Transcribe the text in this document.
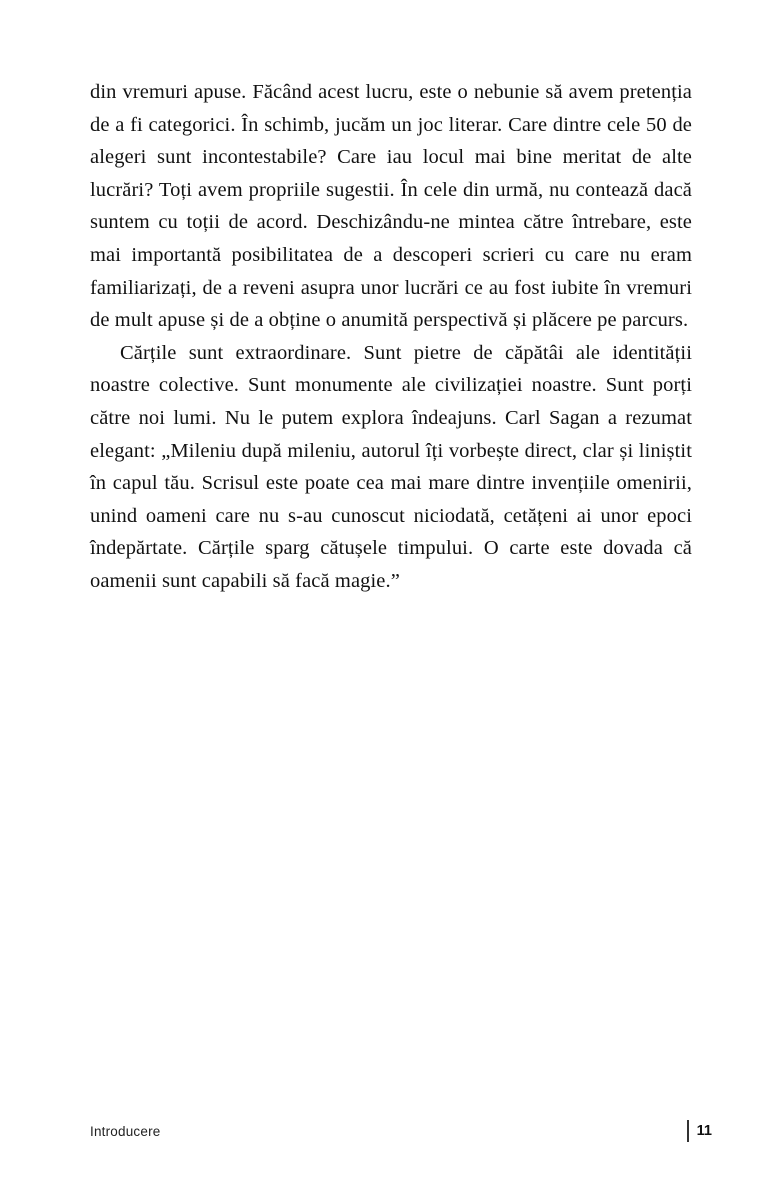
din vremuri apuse. Făcând acest lucru, este o nebunie să avem pretenția de a fi categorici. În schimb, jucăm un joc literar. Care dintre cele 50 de alegeri sunt incontestabile? Care iau locul mai bine meritat de alte lucrări? Toți avem propriile sugestii. În cele din urmă, nu contează dacă suntem cu toții de acord. Deschizându-ne mintea către întrebare, este mai importantă posibilitatea de a descoperi scrieri cu care nu eram familiarizați, de a reveni asupra unor lucrări ce au fost iubite în vremuri de mult apuse și de a obține o anumită perspectivă și plăcere pe parcurs.

Cărțile sunt extraordinare. Sunt pietre de căpătâi ale identității noastre colective. Sunt monumente ale civilizației noastre. Sunt porți către noi lumi. Nu le putem explora îndeajuns. Carl Sagan a rezumat elegant: „Mileniu după mileniu, autorul îți vorbește direct, clar și liniștit în capul tău. Scrisul este poate cea mai mare dintre invențiile omenirii, unind oameni care nu s-au cunoscut niciodată, cetățeni ai unor epoci îndepărtate. Cărțile sparg cătușele timpului. O carte este dovada că oamenii sunt capabili să facă magie.”

Introducere	11
